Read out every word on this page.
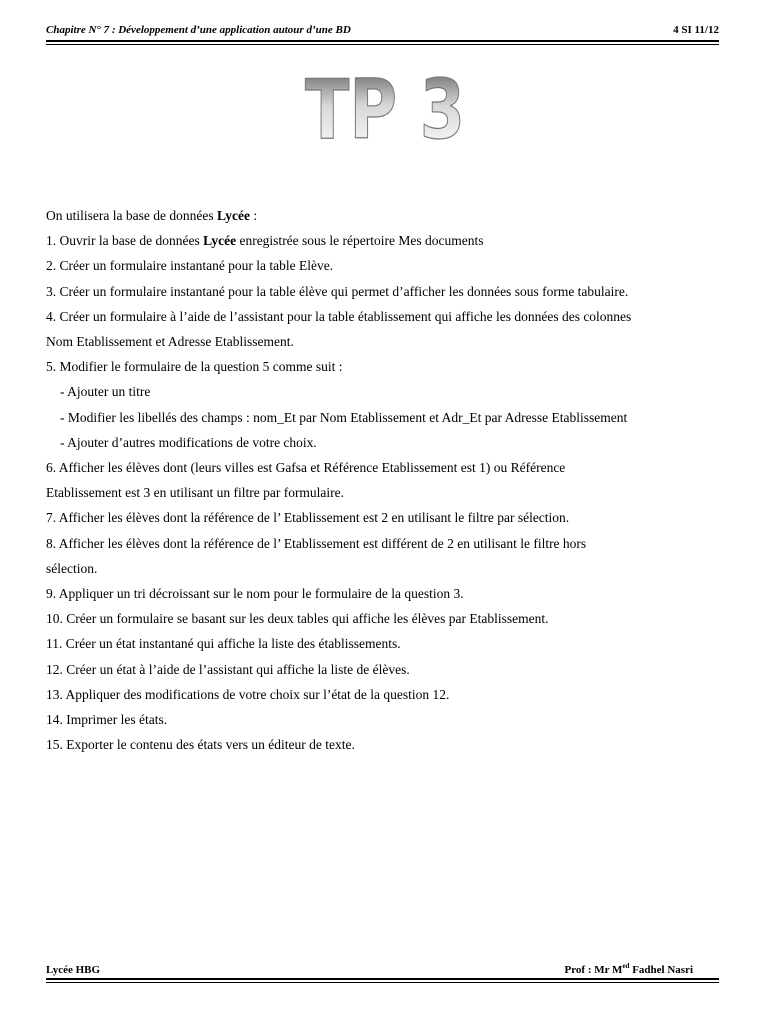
Chapitre N° 7 : Développement d’une application autour d’une BD	4 SI 11/12
TP 3
On utilisera la base de données Lycée :
1. Ouvrir la base de données Lycée enregistrée sous le répertoire Mes documents
2. Créer un formulaire instantané pour la table Elève.
3. Créer un formulaire instantané pour la table élève qui permet d’afficher les données sous forme tabulaire.
4. Créer un formulaire à l’aide de l’assistant pour la table établissement qui affiche les données des colonnes
Nom Etablissement et Adresse Etablissement.
5. Modifier le formulaire de la question 5 comme suit :
- Ajouter un titre
- Modifier les libellés des champs : nom_Et par Nom Etablissement et Adr_Et par Adresse Etablissement
- Ajouter d’autres modifications de votre choix.
6. Afficher les élèves dont (leurs villes est Gafsa et Référence Etablissement est 1) ou Référence
Etablissement est 3 en utilisant un filtre par formulaire.
7. Afficher les élèves dont la référence de l’ Etablissement est 2 en utilisant le filtre par sélection.
8. Afficher les élèves dont la référence de l’ Etablissement est différent de 2 en utilisant le filtre hors
sélection.
9. Appliquer un tri décroissant sur le nom pour le formulaire de la question 3.
10. Créer un formulaire se basant sur les deux tables qui affiche les élèves par Etablissement.
11. Créer un état instantané qui affiche la liste des établissements.
12. Créer un état à l’aide de l’assistant qui affiche la liste de élèves.
13. Appliquer des modifications de votre choix sur l’état de la question 12.
14. Imprimer les états.
15. Exporter le contenu des états vers un éditeur de texte.
Lycée HBG	Prof : Mr $M^{ed}$ Fadhel Nasri
